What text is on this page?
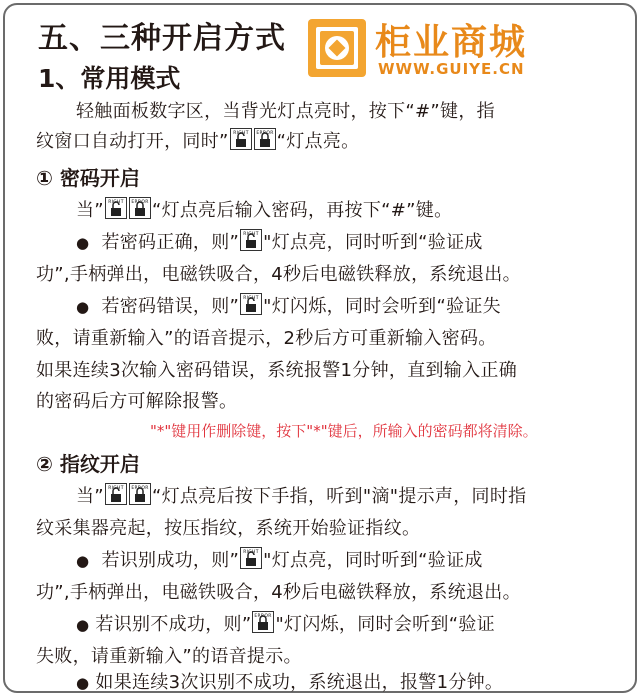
五、三种开启方式 柜业商城
WWW.GUIYE.CN
1、常用模式
轻触面板数字区，当背光灯点亮时，按下“#”键，指
纹窗口自动打开，同时” RIGHT ERROR “灯点亮。
① 密码开启
当” RIGHT ERROR “灯点亮后输入密码，再按下“#”键。
● 若密码正确，则” RIGHT "灯点亮，同时听到“验证成
功”,手柄弹出，电磁铁吸合，4秒后电磁铁释放，系统退出。
● 若密码错误，则” RIGHT "灯闪烁，同时会听到“验证失
败，请重新输入”的语音提示，2秒后方可重新输入密码。
如果连续3次输入密码错误，系统报警1分钟，直到输入正确
的密码后方可解除报警。
"*"键用作删除键，按下"*"键后，所输入的密码都将清除。
② 指纹开启
当” RIGHT ERROR “灯点亮后按下手指，听到"滴"提示声，同时指
纹采集器亮起，按压指纹，系统开始验证指纹。
● 若识别成功，则” RIGHT "灯点亮，同时听到“验证成
功”,手柄弹出，电磁铁吸合，4秒后电磁铁释放，系统退出。
● 若识别不成功，则” ERROR "灯闪烁，同时会听到“验证
失败，请重新输入”的语音提示。
● 如果连续3次识别不成功，系统退出，报警1分钟。
